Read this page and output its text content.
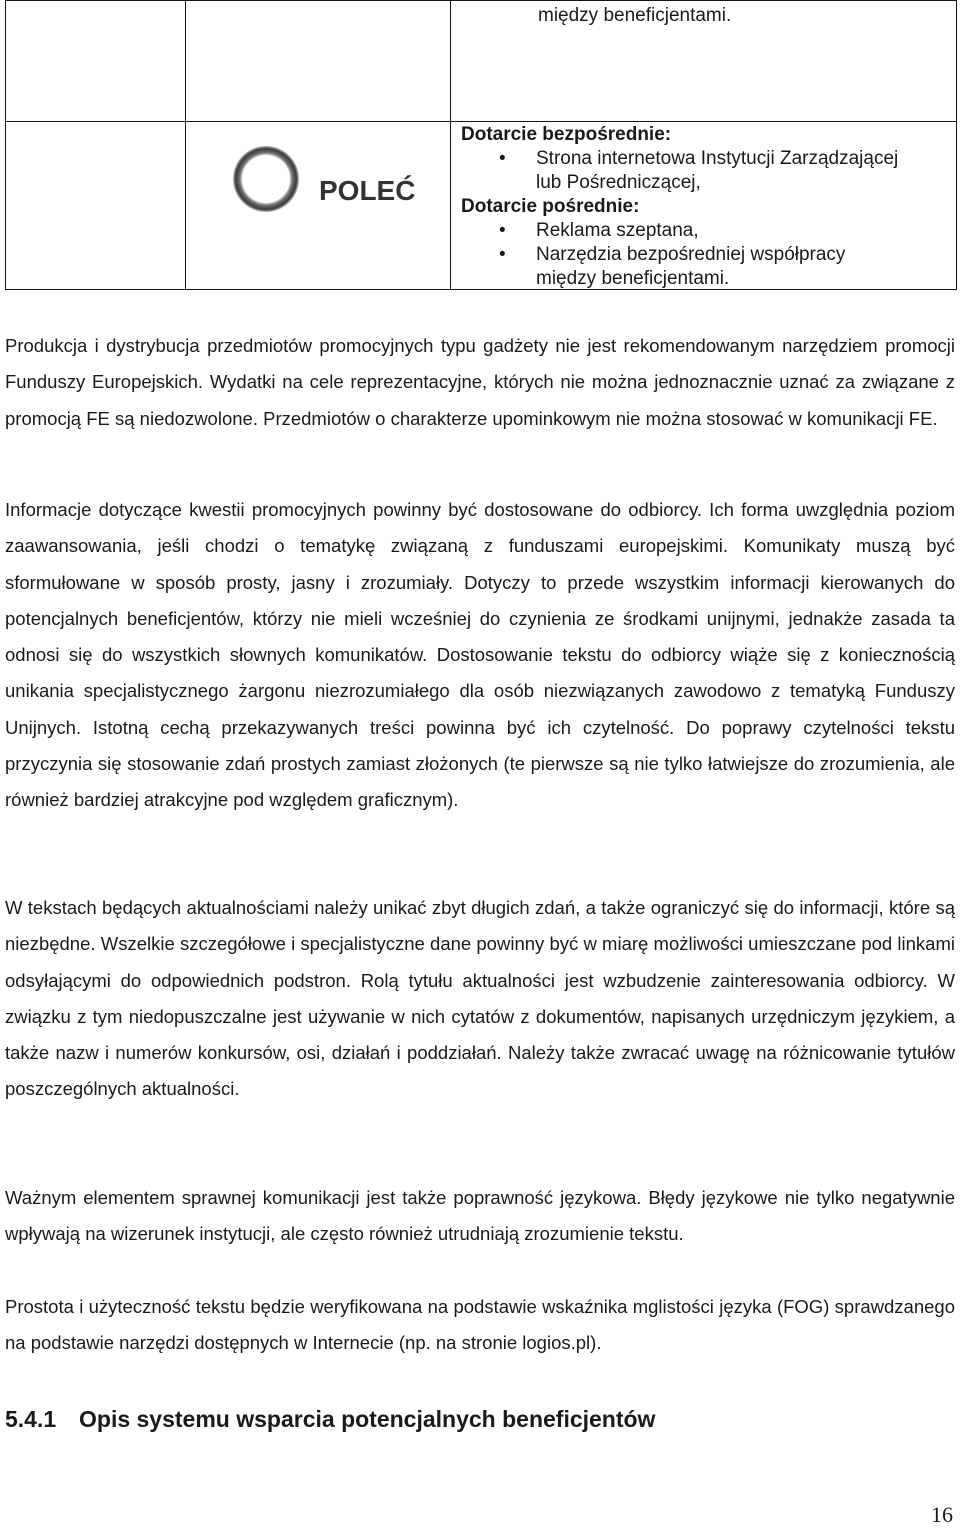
między beneficjentami.
Dotarcie bezpośrednie:
• Strona internetowa Instytucji Zarządzającej
lub Pośredniczącej,
Dotarcie pośrednie:
• Reklama szeptana,
• Narzędzia bezpośredniej współpracy
między beneficjentami.
POLEĆ

Produkcja i dystrybucja przedmiotów promocyjnych typu gadżety nie jest rekomendowanym narzędziem promocji Funduszy Europejskich. Wydatki na cele reprezentacyjne, których nie można jednoznacznie uznać za związane z promocją FE są niedozwolone. Przedmiotów o charakterze upominkowym nie można stosować w komunikacji FE.

Informacje dotyczące kwestii promocyjnych powinny być dostosowane do odbiorcy. Ich forma uwzględnia poziom zaawansowania, jeśli chodzi o tematykę związaną z funduszami europejskimi. Komunikaty muszą być sformułowane w sposób prosty, jasny i zrozumiały. Dotyczy to przede wszystkim informacji kierowanych do potencjalnych beneficjentów, którzy nie mieli wcześniej do czynienia ze środkami unijnymi, jednakże zasada ta odnosi się do wszystkich słownych komunikatów. Dostosowanie tekstu do odbiorcy wiąże się z koniecznością unikania specjalistycznego żargonu niezrozumiałego dla osób niezwiązanych zawodowo z tematyką Funduszy Unijnych. Istotną cechą przekazywanych treści powinna być ich czytelność. Do poprawy czytelności tekstu przyczynia się stosowanie zdań prostych zamiast złożonych (te pierwsze są nie tylko łatwiejsze do zrozumienia, ale również bardziej atrakcyjne pod względem graficznym).

W tekstach będących aktualnościami należy unikać zbyt długich zdań, a także ograniczyć się do informacji, które są niezbędne. Wszelkie szczegółowe i specjalistyczne dane powinny być w miarę możliwości umieszczane pod linkami odsyłającymi do odpowiednich podstron. Rolą tytułu aktualności jest wzbudzenie zainteresowania odbiorcy. W związku z tym niedopuszczalne jest używanie w nich cytatów z dokumentów, napisanych urzędniczym językiem, a także nazw i numerów konkursów, osi, działań i poddziałań. Należy także zwracać uwagę na różnicowanie tytułów poszczególnych aktualności.

Ważnym elementem sprawnej komunikacji jest także poprawność językowa. Błędy językowe nie tylko negatywnie wpływają na wizerunek instytucji, ale często również utrudniają zrozumienie tekstu.

Prostota i użyteczność tekstu będzie weryfikowana na podstawie wskaźnika mglistości języka (FOG) sprawdzanego na podstawie narzędzi dostępnych w Internecie (np. na stronie logios.pl).

5.4.1 Opis systemu wsparcia potencjalnych beneficjentów
16
